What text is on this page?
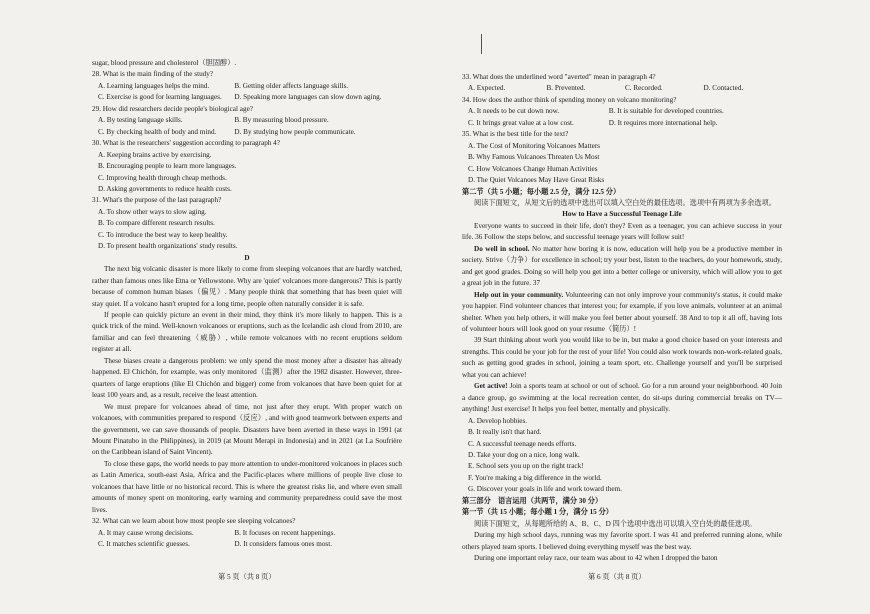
sugar, blood pressure and cholesterol（胆固醇）.

28. What is the main finding of the study?

A. Learning languages helps the mind.	B. Getting older affects language skills.
C. Exercise is good for learning languages.	D. Speaking more languages can slow down aging.

29. How did researchers decide people's biological age?

A. By testing language skills.	B. By measuring blood pressure.
C. By checking health of body and mind.	D. By studying how people communicate.

30. What is the researchers' suggestion according to paragraph 4?

A. Keeping brains active by exercising.

B. Encouraging people to learn more languages.

C. Improving health through cheap methods.

D. Asking governments to reduce health costs.

31. What's the purpose of the last paragraph?

A. To show other ways to slow aging.

B. To compare different research results.

C. To introduce the best way to keep healthy.

D. To present health organizations' study results.

D

The next big volcanic disaster is more likely to come from sleeping volcanoes that are hardly watched, rather than famous ones like Etna or Yellowstone. Why are 'quiet' volcanoes more dangerous? This is partly because of common human biases（偏见）. Many people think that something that has been quiet will stay quiet. If a volcano hasn't erupted for a long time, people often naturally consider it is safe.

If people can quickly picture an event in their mind, they think it's more likely to happen. This is a quick trick of the mind. Well-known volcanoes or eruptions, such as the Icelandic ash cloud from 2010, are familiar and can feel threatening（威胁）, while remote volcanoes with no recent eruptions seldom register at all.

These biases create a dangerous problem: we only spend the most money after a disaster has already happened. El Chichón, for example, was only monitored（监测）after the 1982 disaster. However, three-quarters of large eruptions (like El Chichón and bigger) come from volcanoes that have been quiet for at least 100 years and, as a result, receive the least attention.

We must prepare for volcanoes ahead of time, not just after they erupt. With proper watch on volcanoes, with communities prepared to respond（反应）, and with good teamwork between experts and the government, we can save thousands of people. Disasters have been averted in these ways in 1991 (at Mount Pinatubo in the Philippines), in 2019 (at Mount Merapi in Indonesia) and in 2021 (at La Soufrière on the Caribbean island of Saint Vincent).

To close these gaps, the world needs to pay more attention to under-monitored volcanoes in places such as Latin America, south-east Asia, Africa and the Pacific-places where millions of people live close to volcanoes that have little or no historical record. This is where the greatest risks lie, and where even small amounts of money spent on monitoring, early warning and community preparedness could save the most lives.

32. What can we learn about how most people see sleeping volcanoes?

A. It may cause wrong decisions.	B. It focuses on recent happenings.
C. It matches scientific guesses.	D. It considers famous ones most.
第 5 页（共 8 页）

33. What does the underlined word "averted" mean in paragraph 4?

A. Expected.	B. Prevented.	C. Recorded.	D. Contacted.

34. How does the author think of spending money on volcano monitoring?

A. It needs to be cut down now.	B. It is suitable for developed countries.
C. It brings great value at a low cost.	D. It requires more international help.

35. What is the best title for the text?

A. The Cost of Monitoring Volcanoes Matters

B. Why Famous Volcanoes Threaten Us Most

C. How Volcanoes Change Human Activities

D. The Quiet Volcanoes May Have Great Risks

第二节（共 5 小题；每小题 2.5 分，满分 12.5 分）

阅读下面短文，从短文后的选项中选出可以填入空白处的最佳选项。选项中有两项为多余选项。

How to Have a Successful Teenage Life

Everyone wants to succeed in their life, don't they? Even as a teenager, you can achieve success in your life. 36 Follow the steps below, and successful teenage years will follow suit!

Do well in school. No matter how boring it is now, education will help you be a productive member in society. Strive（力争）for excellence in school; try your best, listen to the teachers, do your homework, study, and get good grades. Doing so will help you get into a better college or university, which will allow you to get a great job in the future. 37

Help out in your community. Volunteering can not only improve your community's status, it could make you happier. Find volunteer chances that interest you; for example, if you love animals, volunteer at an animal shelter. When you help others, it will make you feel better about yourself. 38 And to top it all off, having lots of volunteer hours will look good on your resume（简历）!

39 Start thinking about work you would like to be in, but make a good choice based on your interests and strengths. This could be your job for the rest of your life! You could also work towards non-work-related goals, such as getting good grades in school, joining a team sport, etc. Challenge yourself and you'll be surprised what you can achieve!

Get active! Join a sports team at school or out of school. Go for a run around your neighborhood. 40 Join a dance group, go swimming at the local recreation center, do sit-ups during commercial breaks on TV—anything! Just exercise! It helps you feel better, mentally and physically.

A. Develop hobbies.

B. It really isn't that hard.

C. A successful teenage needs efforts.

D. Take your dog on a nice, long walk.

E. School sets you up on the right track!

F. You're making a big difference in the world.

G. Discover your goals in life and work toward them.

第三部分　语言运用（共两节，满分 30 分）

第一节（共 15 小题；每小题 1 分，满分 15 分）

阅读下面短文，从每题所给的 A、B、C、D 四个选项中选出可以填入空白处的最佳选项。

During my high school days, running was my favorite sport. I was 41 and preferred running alone, while others played team sports. I believed doing everything myself was the best way.

During one important relay race, our team was about to 42 when I dropped the baton

第 6 页（共 8 页）
